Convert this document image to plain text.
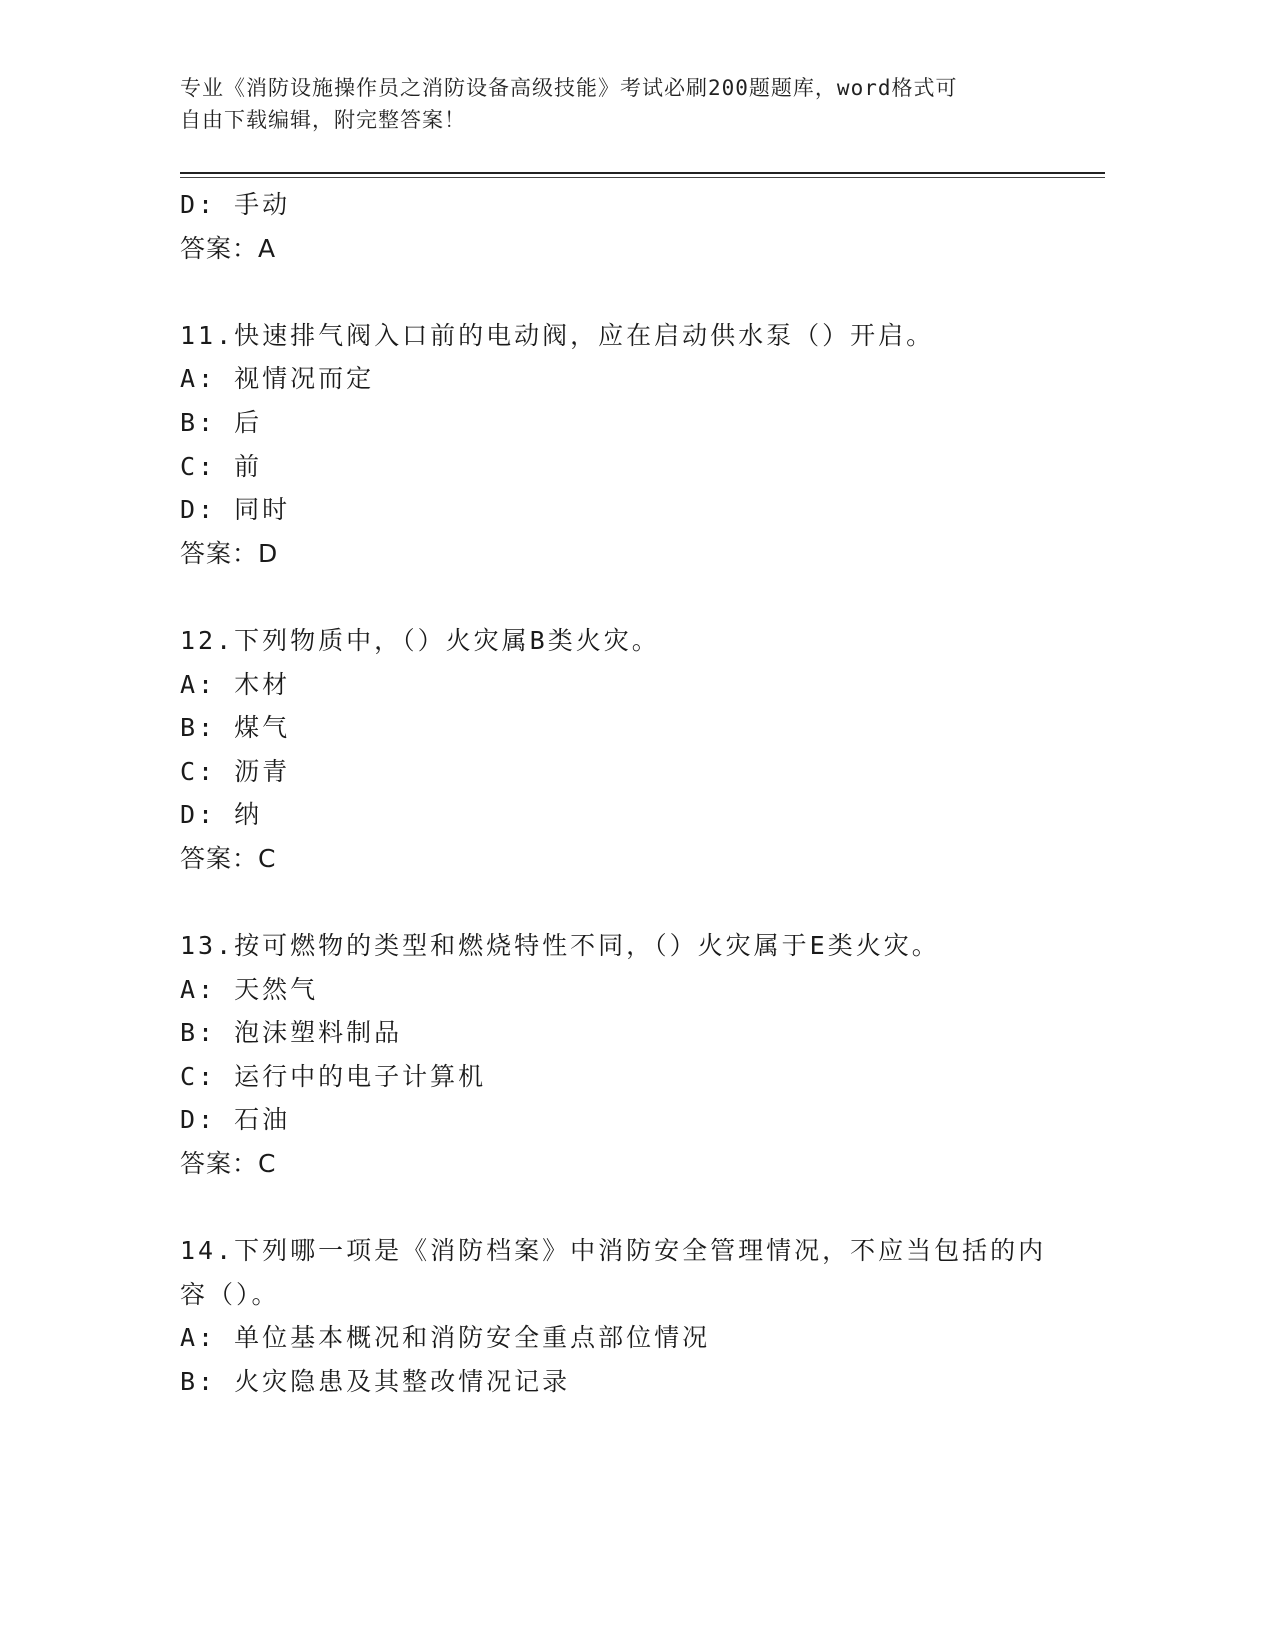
专业《消防设施操作员之消防设备高级技能》考试必刷200题题库，word格式可
自由下载编辑，附完整答案！
D: 手动
答案：A
11.快速排气阀入口前的电动阀，应在启动供水泵（）开启。
A: 视情况而定
B: 后
C: 前
D: 同时
答案：D
12.下列物质中，（）火灾属B类火灾。
A: 木材
B: 煤气
C: 沥青
D: 纳
答案：C
13.按可燃物的类型和燃烧特性不同，（）火灾属于E类火灾。
A: 天然气
B: 泡沫塑料制品
C: 运行中的电子计算机
D: 石油
答案：C
14.下列哪一项是《消防档案》中消防安全管理情况，不应当包括的内
容（）。
A: 单位基本概况和消防安全重点部位情况
B: 火灾隐患及其整改情况记录
